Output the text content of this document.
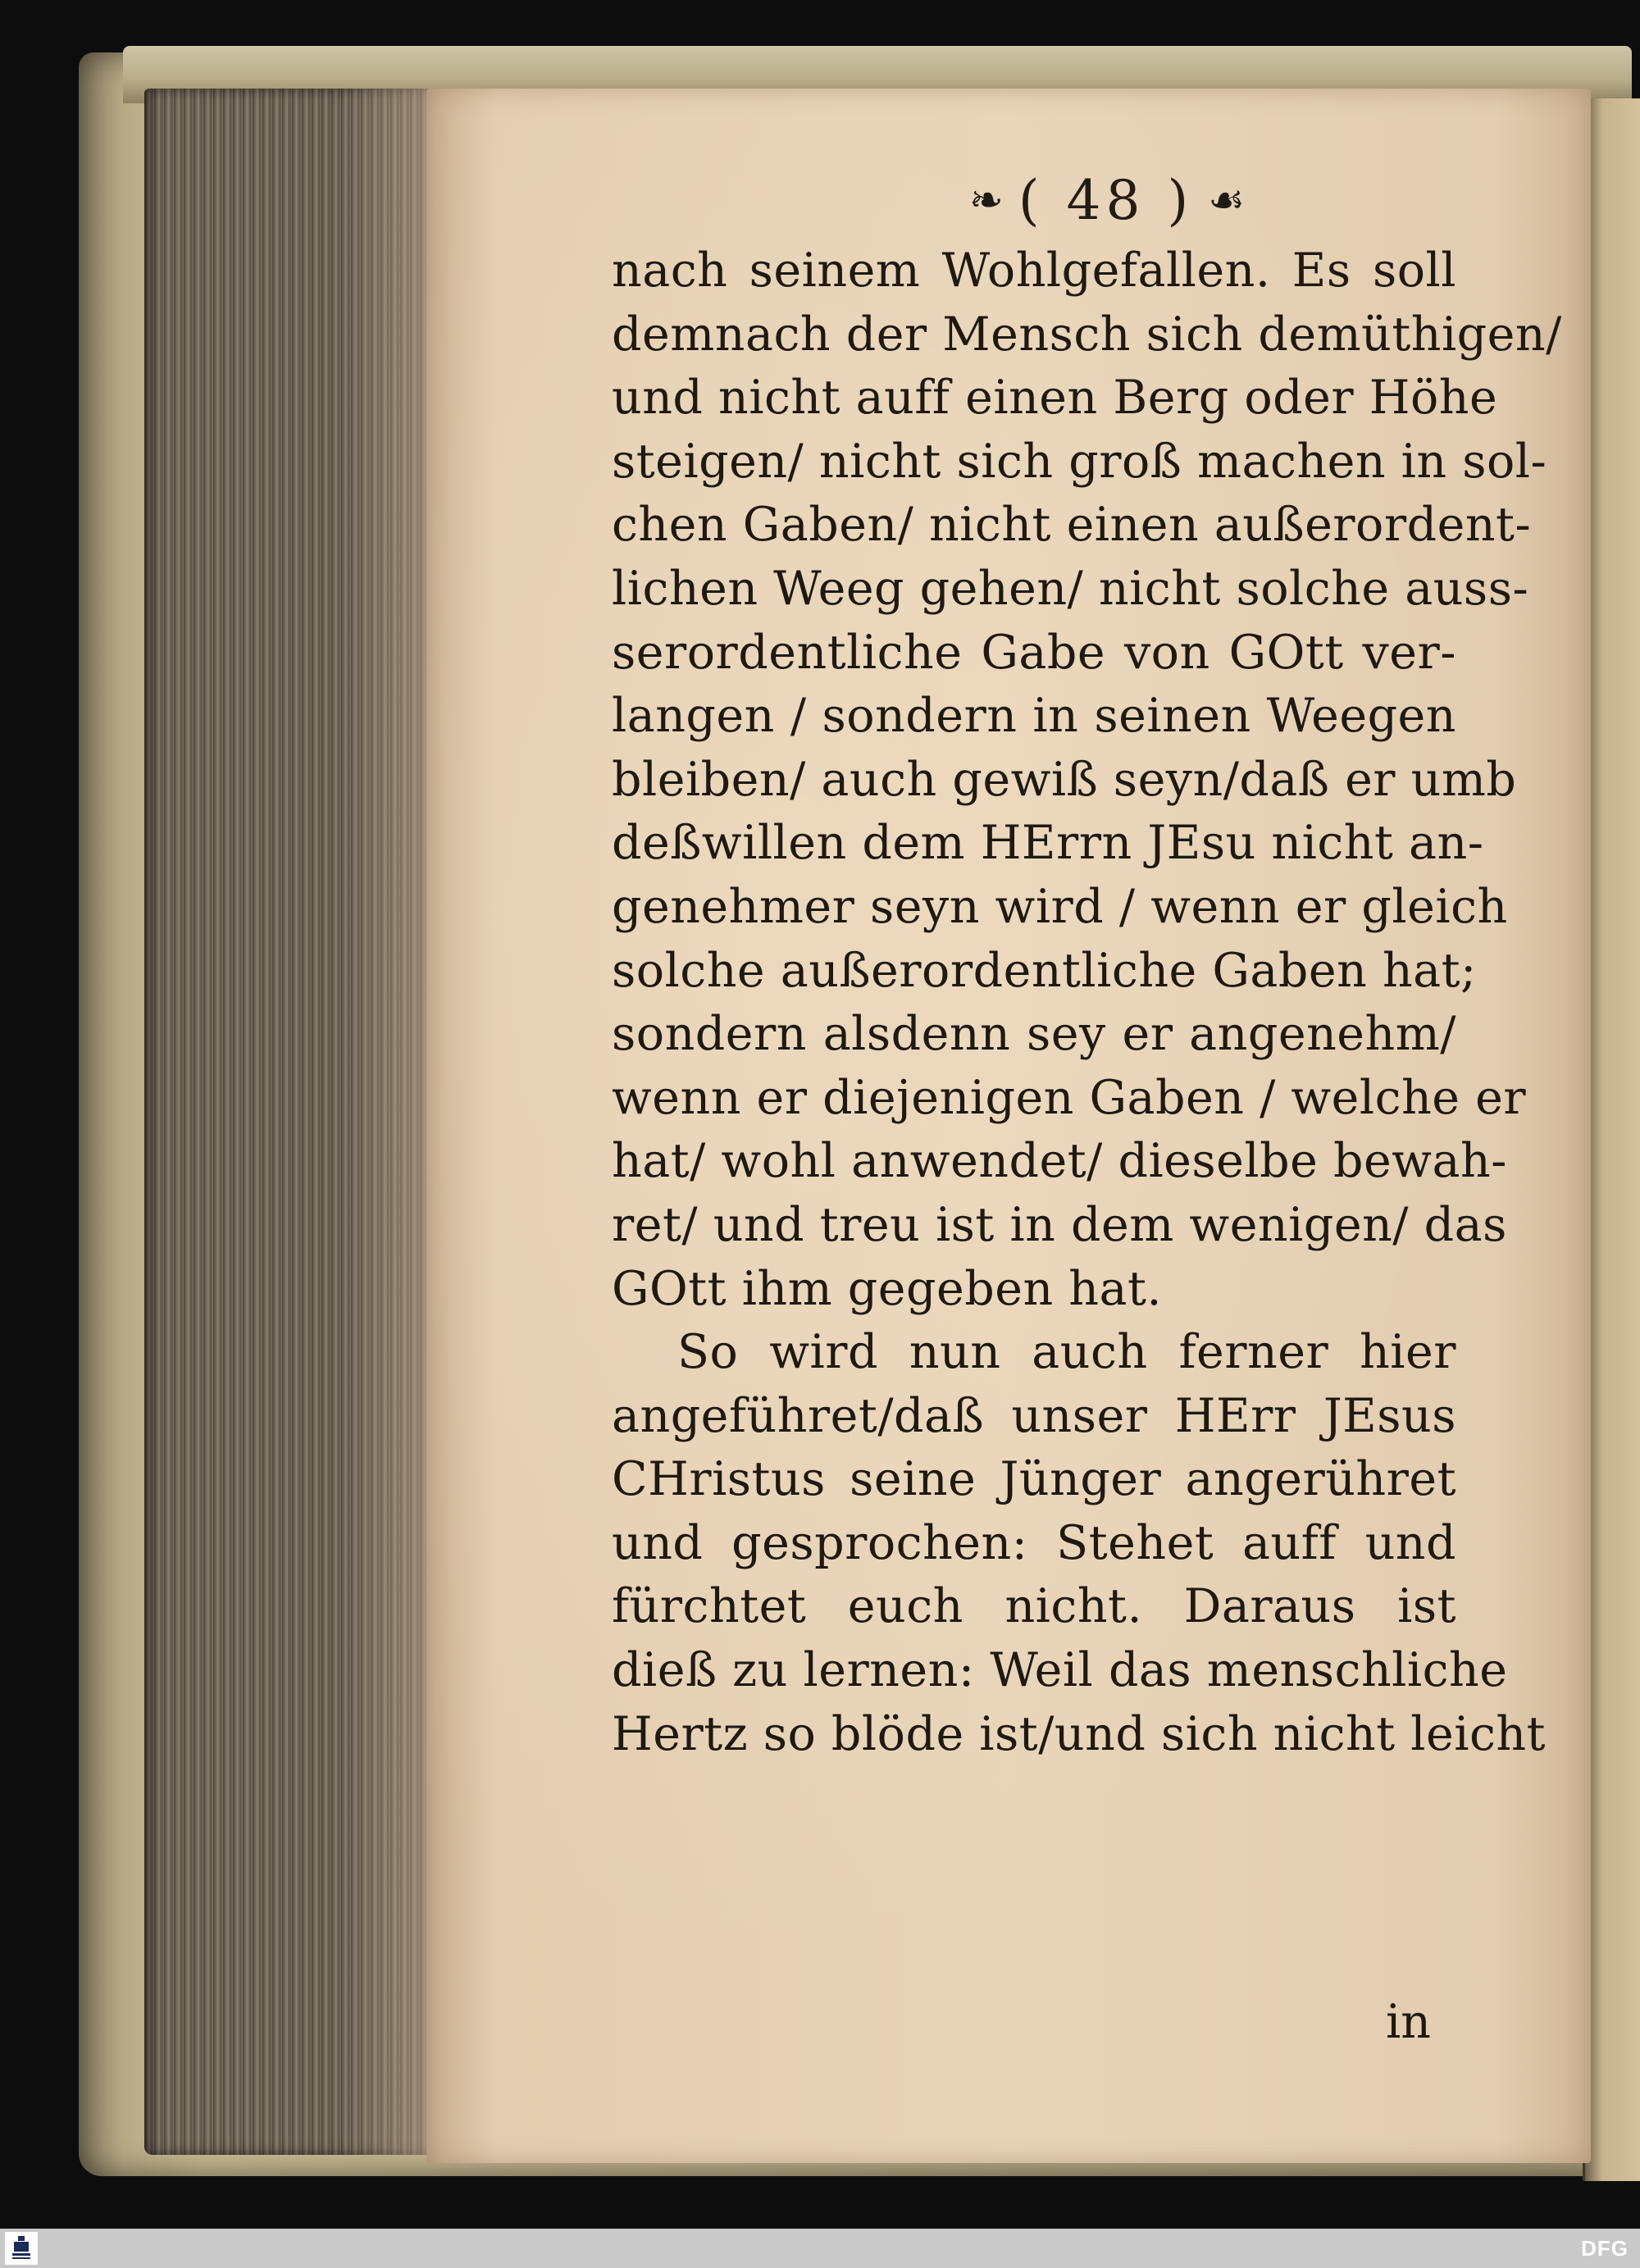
❧ ( 48 ) ☙
nach seinem Wohlgefallen. Es soll
demnach der Mensch sich demüthigen/
und nicht auff einen Berg oder Höhe
steigen/ nicht sich groß machen in sol-
chen Gaben/ nicht einen außerordent-
lichen Weeg gehen/ nicht solche auss-
serordentliche Gabe von GOtt ver-
langen / sondern in seinen Weegen
bleiben/ auch gewiß seyn/daß er umb
deßwillen dem HErrn JEsu nicht an-
genehmer seyn wird / wenn er gleich
solche außerordentliche Gaben hat;
sondern alsdenn sey er angenehm/
wenn er diejenigen Gaben / welche er
hat/ wohl anwendet/ dieselbe bewah-
ret/ und treu ist in dem wenigen/ das
GOtt ihm gegeben hat.
So wird nun auch ferner hier
angeführet/daß unser HErr JEsus
CHristus seine Jünger angerühret
und gesprochen: Stehet auff und
fürchtet euch nicht. Daraus ist
dieß zu lernen: Weil das menschliche
Hertz so blöde ist/und sich nicht leicht
in
DFG
